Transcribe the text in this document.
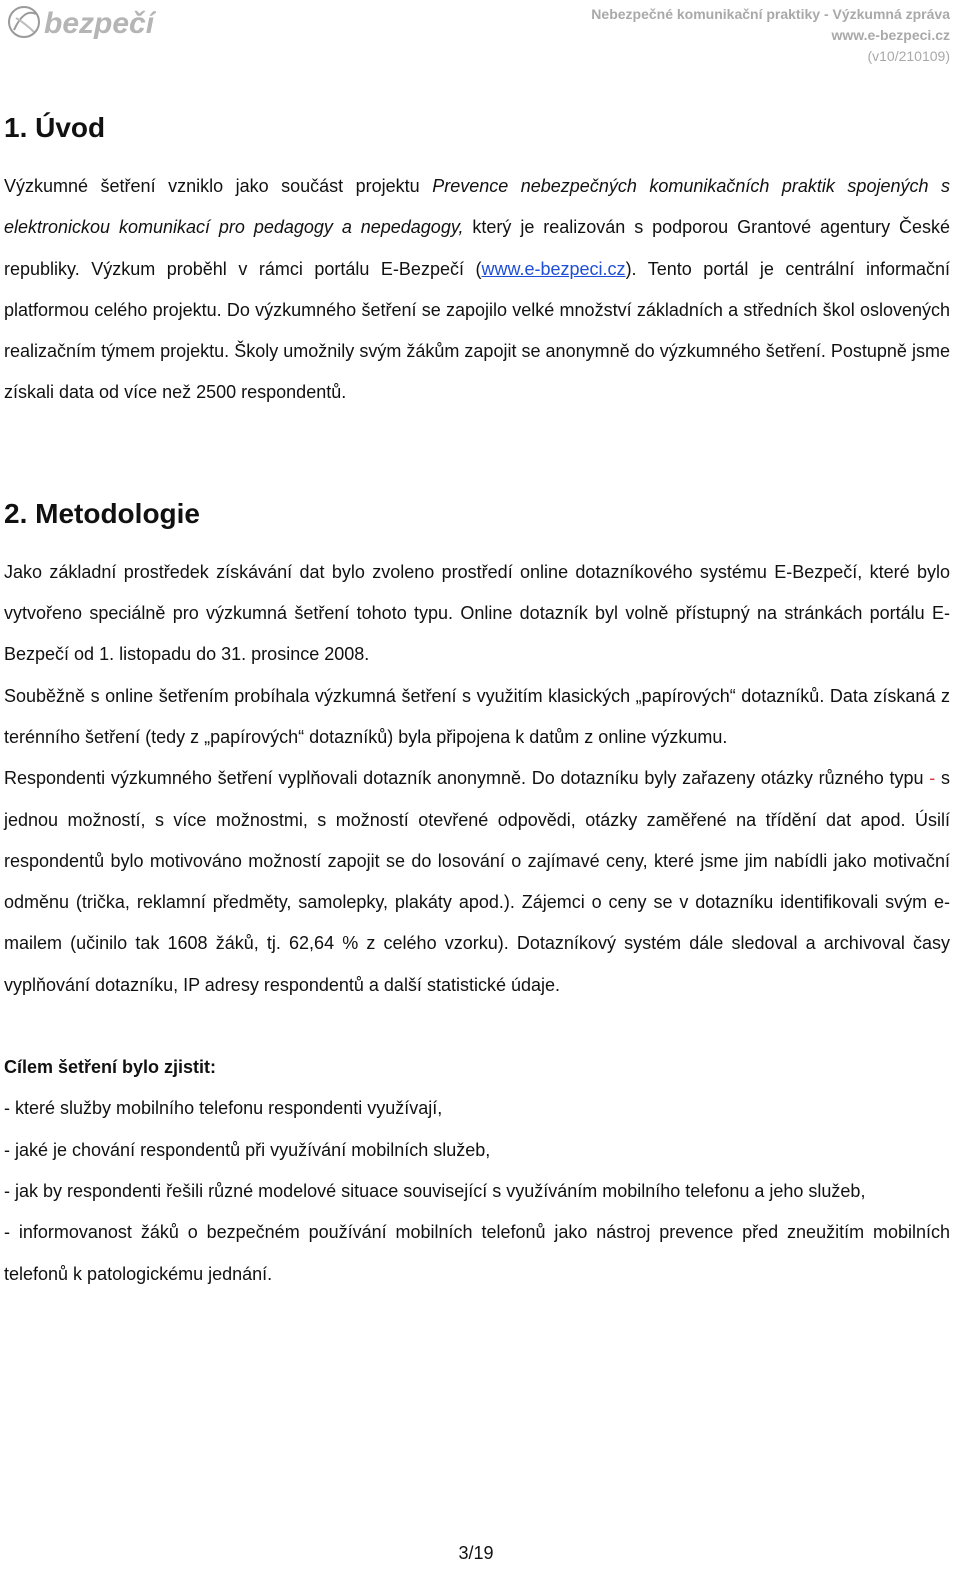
bezpečí	Nebezpečné komunikační praktiky - Výzkumná zpráva
www.e-bezpeci.cz
(v10/210109)
1. Úvod

Výzkumné šetření vzniklo jako součást projektu Prevence nebezpečných komunikačních praktik spojených s elektronickou komunikací pro pedagogy a nepedagogy, který je realizován s podporou Grantové agentury České republiky. Výzkum proběhl v rámci portálu E-Bezpečí (www.e-bezpeci.cz). Tento portál je centrální informační platformou celého projektu. Do výzkumného šetření se zapojilo velké množství základních a středních škol oslovených realizačním týmem projektu. Školy umožnily svým žákům zapojit se anonymně do výzkumného šetření. Postupně jsme získali data od více než 2500 respondentů.

2. Metodologie

Jako základní prostředek získávání dat bylo zvoleno prostředí online dotazníkového systému E-Bezpečí, které bylo vytvořeno speciálně pro výzkumná šetření tohoto typu. Online dotazník byl volně přístupný na stránkách portálu E-Bezpečí od 1. listopadu do 31. prosince 2008.

Souběžně s online šetřením probíhala výzkumná šetření s využitím klasických „papírových“ dotazníků. Data získaná z terénního šetření (tedy z „papírových“ dotazníků) byla připojena k datům z online výzkumu.

Respondenti výzkumného šetření vyplňovali dotazník anonymně. Do dotazníku byly zařazeny otázky různého typu - s jednou možností, s více možnostmi, s možností otevřené odpovědi, otázky zaměřené na třídění dat apod. Úsilí respondentů bylo motivováno možností zapojit se do losování o zajímavé ceny, které jsme jim nabídli jako motivační odměnu (trička, reklamní předměty, samolepky, plakáty apod.). Zájemci o ceny se v dotazníku identifikovali svým e-mailem (učinilo tak 1608 žáků, tj. 62,64 % z celého vzorku). Dotazníkový systém dále sledoval a archivoval časy vyplňování dotazníku, IP adresy respondentů a další statistické údaje.

Cílem šetření bylo zjistit:

- které služby mobilního telefonu respondenti využívají,

- jaké je chování respondentů při využívání mobilních služeb,

- jak by respondenti řešili různé modelové situace související s využíváním mobilního telefonu a jeho služeb,

- informovanost žáků o bezpečném používání mobilních telefonů jako nástroj prevence před zneužitím mobilních telefonů k patologickému jednání.

3/19
